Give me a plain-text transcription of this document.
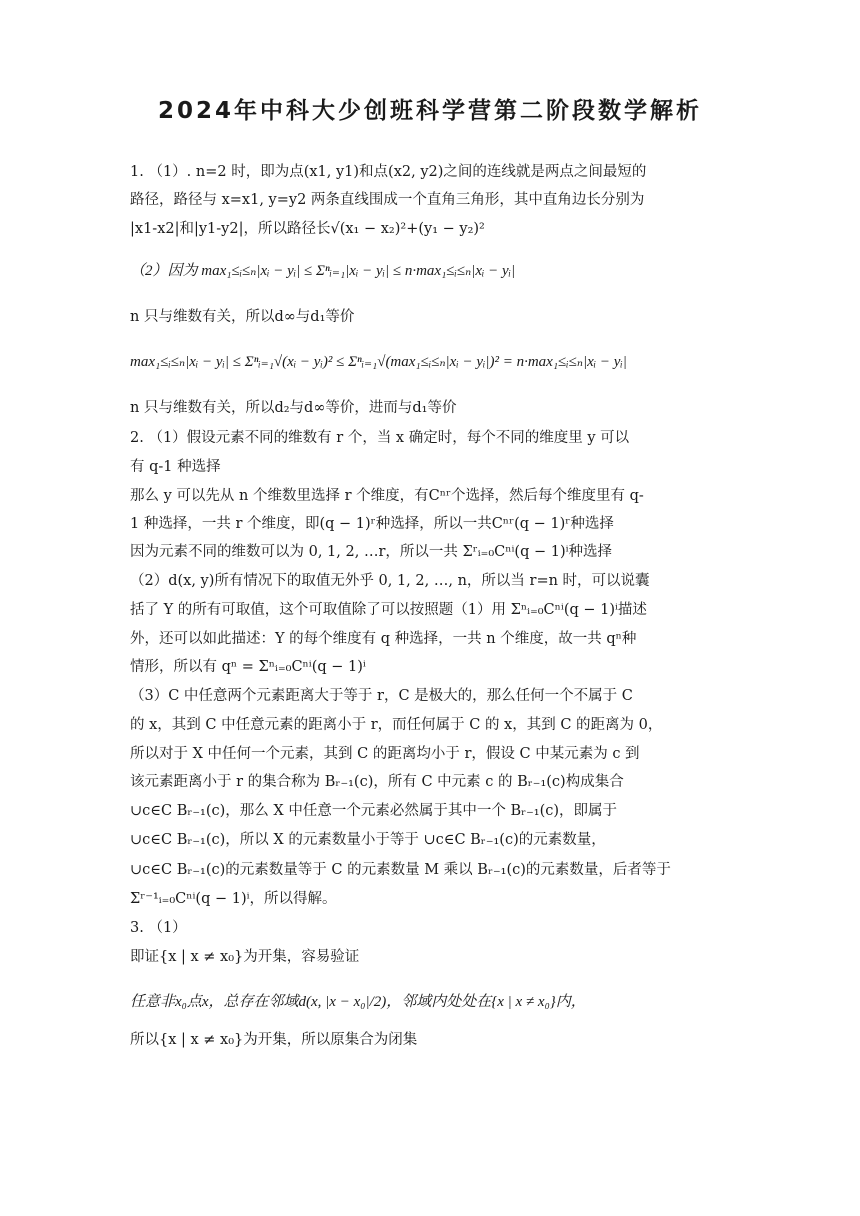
2024年中科大少创班科学营第二阶段数学解析
1. （1）. n=2 时，即为点(x1, y1)和点(x2, y2)之间的连线就是两点之间最短的
路径，路径与 x=x1, y=y2 两条直线围成一个直角三角形，其中直角边长分别为
|x1-x2|和|y1-y2|，所以路径长√(x₁ − x₂)²+(y₁ − y₂)²
（2）因为 max₁≤ᵢ≤ₙ|xᵢ − yᵢ| ≤ Σⁿᵢ₌₁|xᵢ − yᵢ| ≤ n·max₁≤ᵢ≤ₙ|xᵢ − yᵢ|
n 只与维数有关，所以d∞与d₁等价
max₁≤ᵢ≤ₙ|xᵢ − yᵢ| ≤ Σⁿᵢ₌₁√(xᵢ − yᵢ)² ≤ Σⁿᵢ₌₁√(max₁≤ᵢ≤ₙ|xᵢ − yᵢ|)² = n·max₁≤ᵢ≤ₙ|xᵢ − yᵢ|
n 只与维数有关，所以d₂与d∞等价，进而与d₁等价
2. （1）假设元素不同的维数有 r 个，当 x 确定时，每个不同的维度里 y 可以
有 q-1 种选择
那么 y 可以先从 n 个维数里选择 r 个维度，有Cⁿʳ个选择，然后每个维度里有 q-
1 种选择，一共 r 个维度，即(q − 1)ʳ种选择，所以一共Cⁿʳ(q − 1)ʳ种选择
因为元素不同的维数可以为 0, 1, 2, …r，所以一共 Σʳᵢ₌₀Cⁿⁱ(q − 1)ⁱ种选择
（2）d(x, y)所有情况下的取值无外乎 0, 1, 2, …, n，所以当 r=n 时，可以说囊
括了 Y 的所有可取值，这个可取值除了可以按照题（1）用 Σⁿᵢ₌₀Cⁿⁱ(q − 1)ⁱ描述
外，还可以如此描述：Y 的每个维度有 q 种选择，一共 n 个维度，故一共 qⁿ种
情形，所以有 qⁿ = Σⁿᵢ₌₀Cⁿⁱ(q − 1)ⁱ
（3）C 中任意两个元素距离大于等于 r，C 是极大的，那么任何一个不属于 C
的 x，其到 C 中任意元素的距离小于 r，而任何属于 C 的 x，其到 C 的距离为 0，
所以对于 X 中任何一个元素，其到 C 的距离均小于 r，假设 C 中某元素为 c 到
该元素距离小于 r 的集合称为 Bᵣ₋₁(c)，所有 C 中元素 c 的 Bᵣ₋₁(c)构成集合
∪c∈C Bᵣ₋₁(c)，那么 X 中任意一个元素必然属于其中一个 Bᵣ₋₁(c)，即属于
∪c∈C Bᵣ₋₁(c)，所以 X 的元素数量小于等于 ∪c∈C Bᵣ₋₁(c)的元素数量，
∪c∈C Bᵣ₋₁(c)的元素数量等于 C 的元素数量 M 乘以 Bᵣ₋₁(c)的元素数量，后者等于
Σʳ⁻¹ᵢ₌₀Cⁿⁱ(q − 1)ⁱ，所以得解。
3. （1）
即证{x | x ≠ x₀}为开集，容易验证
任意非x₀点x，总存在邻域d(x, |x − x₀|/2)，邻域内处处在{x | x ≠ x₀}内，
所以{x | x ≠ x₀}为开集，所以原集合为闭集
